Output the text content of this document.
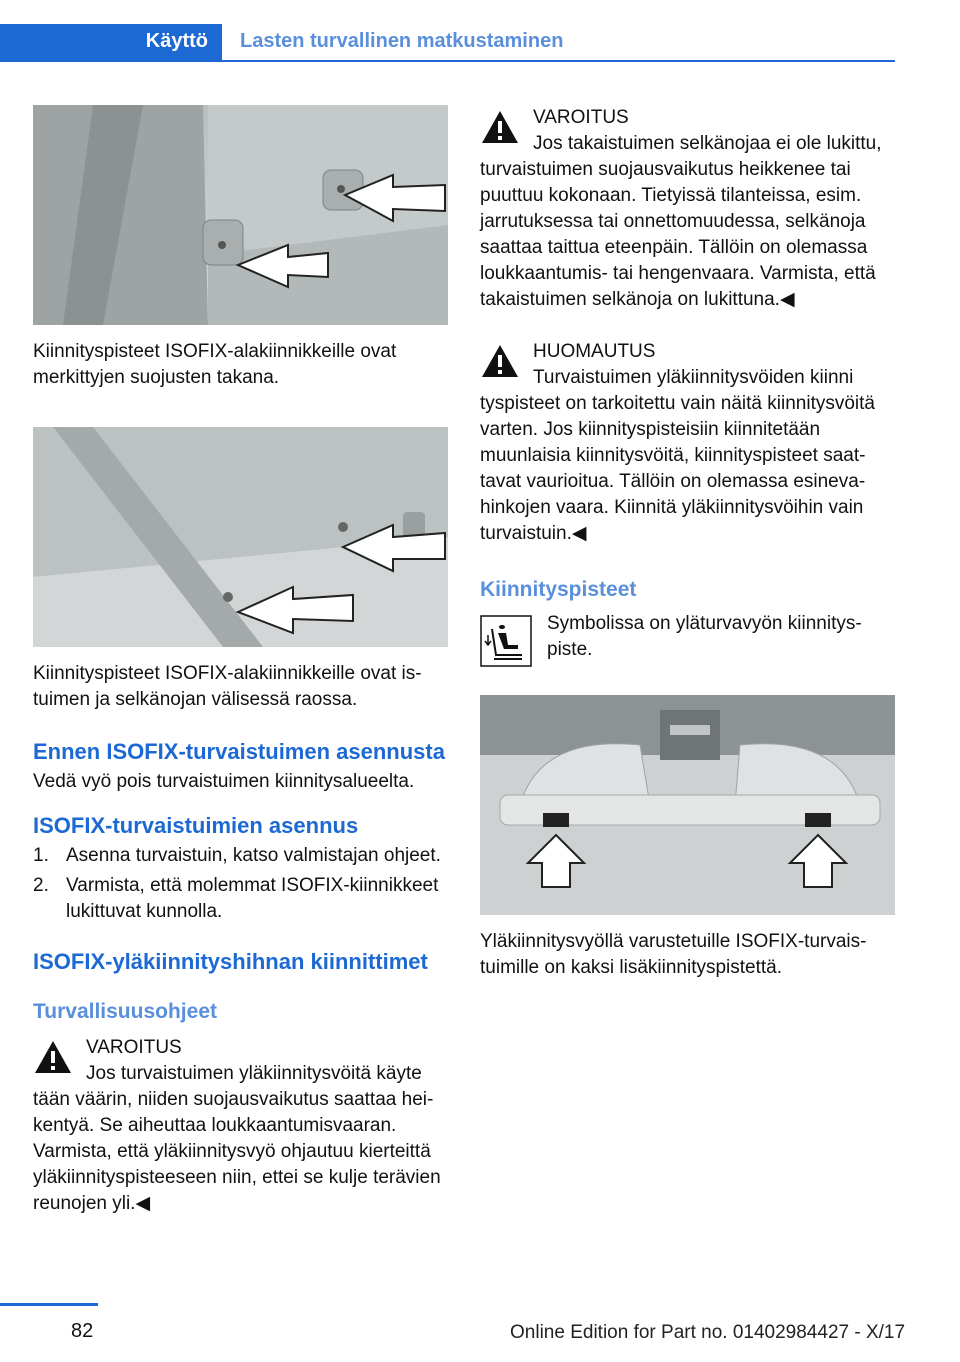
Käyttö Lasten turvallinen matkustaminen

Kiinnityspisteet ISOFIX-alakiinnikkeille ovat merkittyjen suojusten takana.

Kiinnityspisteet ISOFIX-alakiinnikkeille ovat istuimen ja selkänojan välisessä raossa.

Ennen ISOFIX-turvaistuimen asennusta

Vedä vyö pois turvaistuimen kiinnitysalueelta.

ISOFIX-turvaistuimien asennus
1. Asenna turvaistuin, katso valmistajan ohjeet.
2. Varmista, että molemmat ISOFIX-kiinnikkeet lukittuvat kunnolla.
ISOFIX-yläkiinnityshihnan kiinnittimet
Turvallisuusohjeet
VAROITUS
Jos turvaistuimen yläkiinnitysvöitä käyte
tään väärin, niiden suojausvaikutus saattaa heikentyä. Se aiheuttaa loukkaantumisvaaran. Varmista, että yläkiinnitysvyö ohjautuu kierteittä yläkiinnityspisteeseen niin, ettei se kulje terävien reunojen yli.◀
VAROITUS
Jos takaistuimen selkänojaa ei ole lukittu,
turvaistuimen suojausvaikutus heikkenee tai puuttuu kokonaan. Tietyissä tilanteissa, esim. jarrutuksessa tai onnettomuudessa, selkänoja saattaa taittua eteenpäin. Tällöin on olemassa loukkaantumis- tai hengenvaara. Varmista, että takaistuimen selkänoja on lukittuna.◀
HUOMAUTUS
Turvaistuimen yläkiinnitysvöiden kiinni
tyspisteet on tarkoitettu vain näitä kiinnitysvöitä varten. Jos kiinnityspisteisiin kiinnitetään muunlaisia kiinnitysvöitä, kiinnityspisteet saattavat vaurioitua. Tällöin on olemassa esinevahinkojen vaara. Kiinnitä yläkiinnitysvöihin vain turvaistuin.◀
Kiinnityspisteet
Symbolissa on yläturvavyön kiinnityspiste.

Yläkiinnitysvyöllä varustetuille ISOFIX-turvaistuimille on kaksi lisäkiinnityspistettä.

82	Online Edition for Part no. 01402984427 - X/17
